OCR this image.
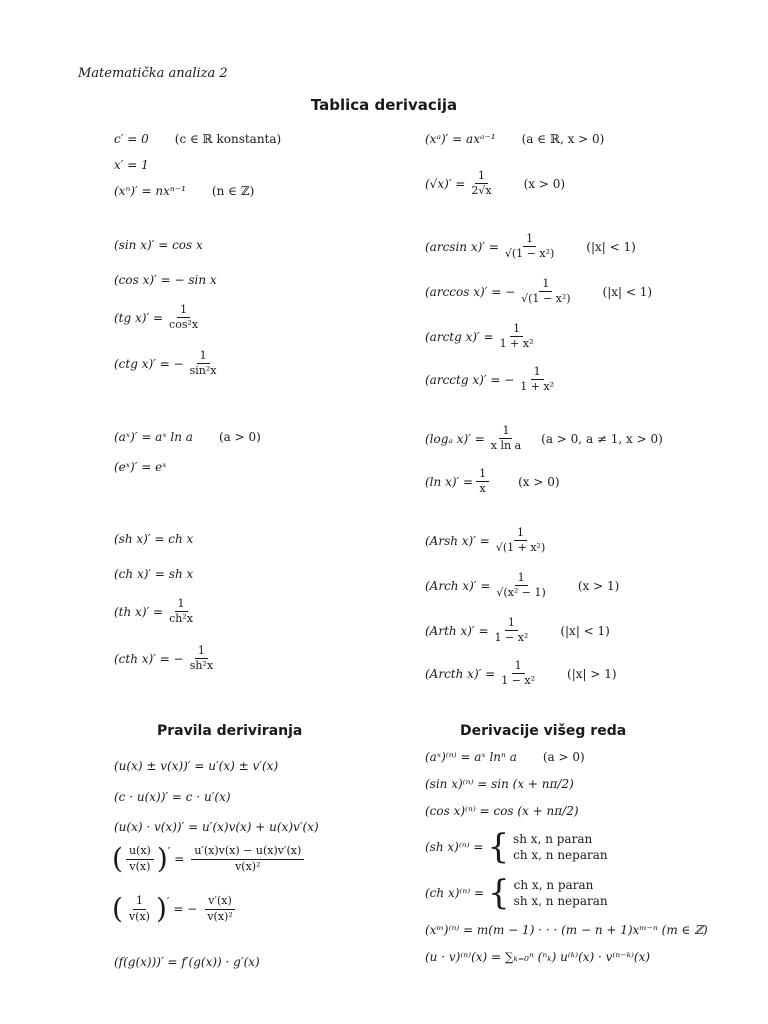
Matematička analiza 2
Tablica derivacija
c′ = 0 (c ∈ ℝ konstanta)
x′ = 1
(xⁿ)′ = nxⁿ⁻¹ (n ∈ ℤ)
(sin x)′ = cos x
(cos x)′ = − sin x
(tg $x)' = \frac{1}{\text{cos²x}}$
(ctg x)′ = − $\frac{1}{\text{sin²x}}$
(aˣ)′ = aˣ ln a (a > 0)
(eˣ)′ = eˣ
(sh x)′ = ch x
(ch x)′ = sh x
(th $x)' = \frac{1}{\text{ch²x}}$
(cth x)′ = − $\frac{1}{\text{sh²x}}$
(xᵃ)′ = axᵃ⁻¹ (a ∈ ℝ, x > 0)
$(√x)' = \frac{1}{2√x} (x > 0)$
(arcsin $x)' = \frac{1}{\text{√(1 − x²)}} (|x| < 1)$
(arccos x)′ = − $\frac{1}{\text{√(1 − x²)}} (|x| < 1)$
(arctg $x)' = \frac{1}{\text{1 + x²}}$
(arcctg x)′ = − $\frac{1}{\text{1 + x²}}$
(logₐ $x)' = \frac{1}{\text{x ln a}} (a > 0$, a ≠ 1, x > 0)
(ln $x)' = \frac{1}{x} (x > 0)$
(Arsh $x)' = \frac{1}{\text{√(1 + x²)}}$
(Arch $x)' = \frac{1}{\text{√(x² − 1)}} (x > 1)$
(Arth $x)' = \frac{1}{\text{1 − x²}} (|x| < 1)$
(Arcth $x)' = \frac{1}{\text{1 − x²}} (|x| > 1)$
Pravila deriviranja
(u(x) ± v(x))′ = u′(x) ± v′(x)
(c · u(x))′ = c · u′(x)
(u(x) · v(x))′ = u′(x)v(x) + u(x)v′(x)
( $\frac{u(x)}{v(x)}$ ) ′
= $\frac{u'(x)v(x) - u(x)v'(x)}{\text{v(x)²}}$
( $\frac{1}{v(x)}$ ) ′
= − $\frac{v'(x)}{\text{v(x)²}}$
(f(g(x)))′ = f′(g(x)) · g′(x)
Derivacije višeg reda
(aˣ)⁽ⁿ⁾ = aˣ lnⁿ a (a > 0)
(sin x)⁽ⁿ⁾ = sin (x + nπ/2)
(cos x)⁽ⁿ⁾ = cos (x + nπ/2)
(sh x)⁽ⁿ⁾ = { sh x, n paran
ch x, n neparan
(ch x)⁽ⁿ⁾ = { ch x, n paran
sh x, n neparan
(xᵐ)⁽ⁿ⁾ = m(m − 1) · · · (m − n + 1)xᵐ⁻ⁿ (m ∈ ℤ)
(u · v)⁽ⁿ⁾(x) = ∑ₖ₌₀ⁿ (ⁿₖ) u⁽ᵏ⁾(x) · v⁽ⁿ⁻ᵏ⁾(x)
